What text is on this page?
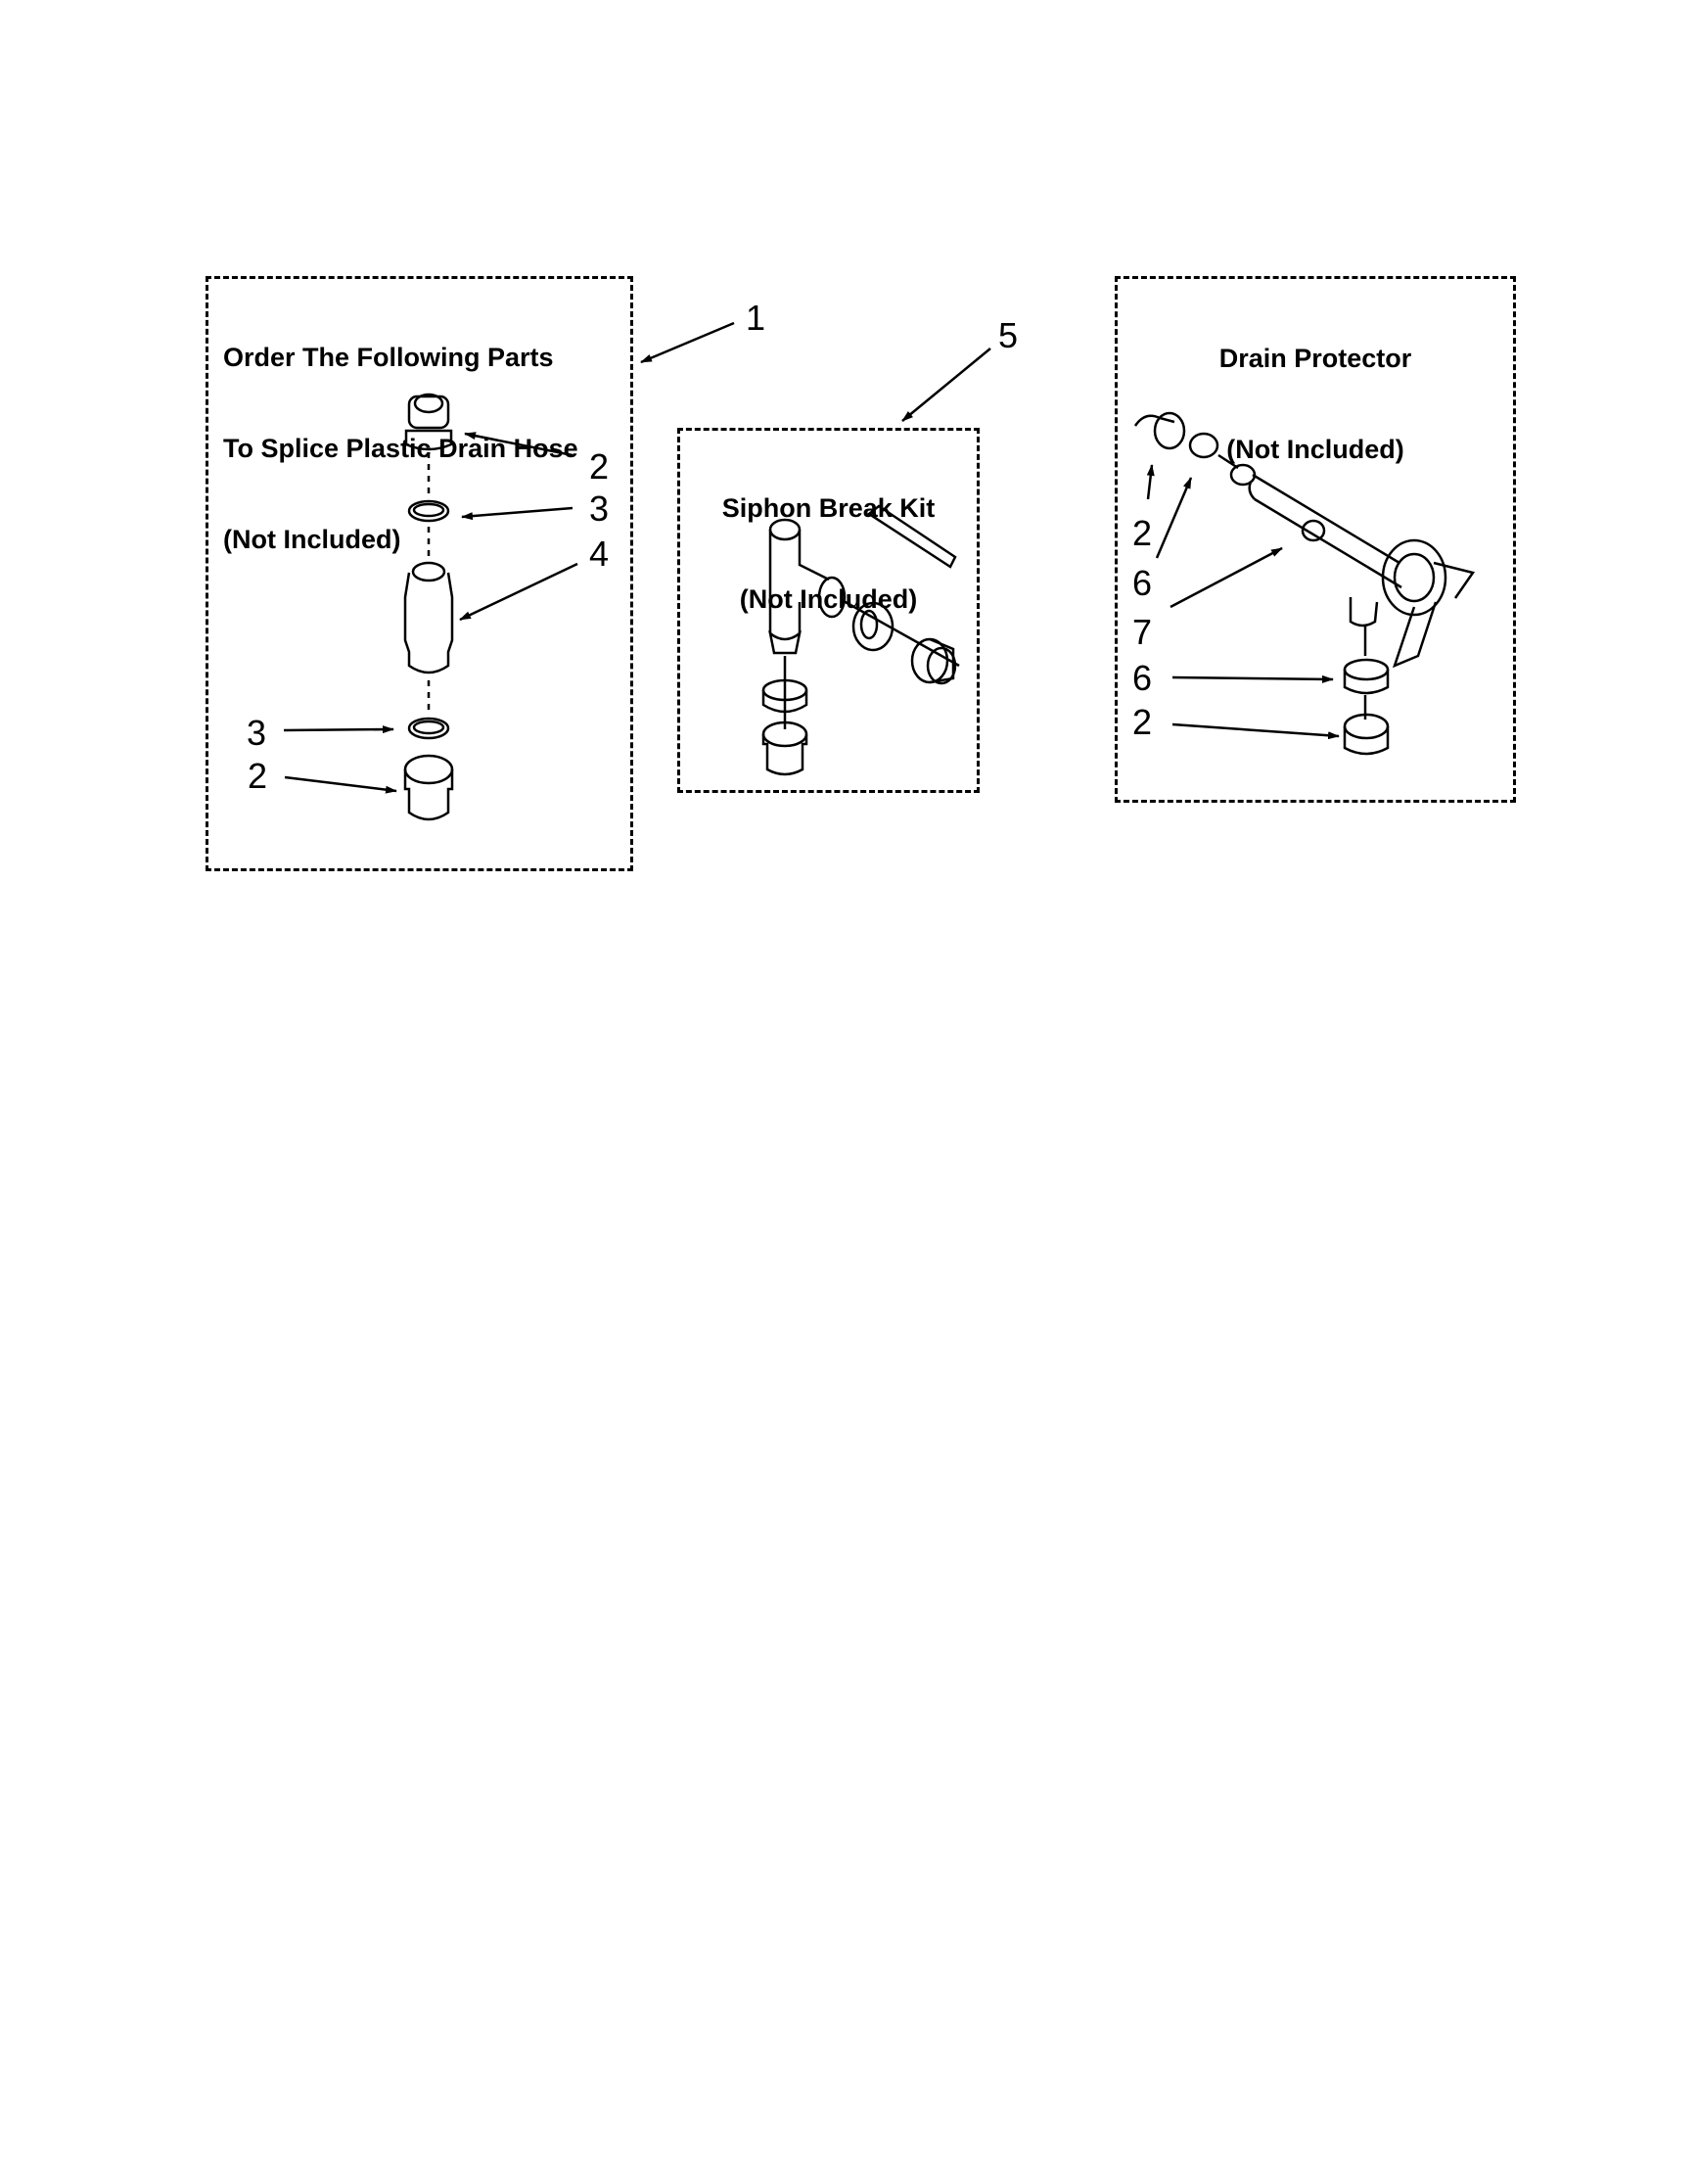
Order The Following Parts

To Splice Plastic Drain Hose

(Not Included)

1
2
3
4
3
2

Siphon Break Kit

(Not Included)

5

Drain Protector

(Not Included)

2
6
7
6
2
